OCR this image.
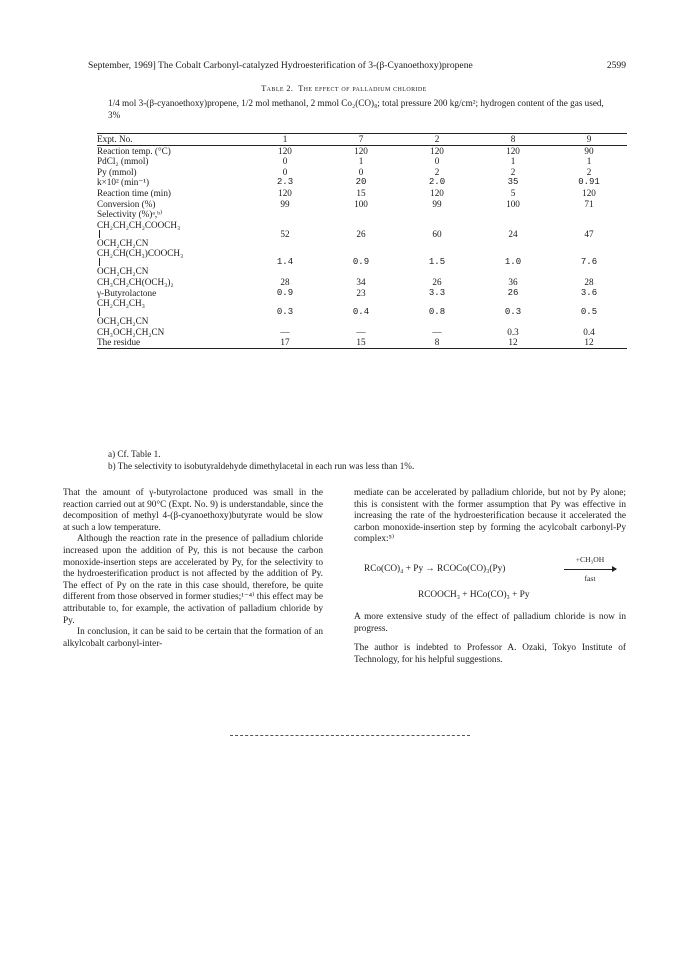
September, 1969] The Cobalt Carbonyl-catalyzed Hydroesterification of 3-(β-Cyanoethoxy)propene	2599
Table 2. The effect of palladium chloride
1/4 mol 3-(β-cyanoethoxy)propene, 1/2 mol methanol, 2 mmol Co₂(CO)₈; total pressure 200 kg/cm²; hydrogen content of the gas used, 3%
Expt. No.	1	7	2	8	9
Reaction temp. (°C)	120	120	120	120	90
PdCl₂ (mmol)	0	1	0	1	1
Py (mmol)	0	0	2	2	2
k×10² (min⁻¹)	2.3	20	2.0	35	0.91
Reaction time (min)	120	15	120	5	120
Conversion (%)	99	100	99	100	71
Selectivity (%)ᵃ,ᵇ⁾					

CH₂CH₂CH₂COOCH₃
OCH₂CH₂CN	52	26	60	24	47

CH₂CH(CH₃)COOCH₃
OCH₂CH₂CN	1.4	0.9	1.5	1.0	7.6
CH₃CH₂CH(OCH₃)₂	28	34	26	36	28
γ-Butyrolactone	0.9	23	3.3	26	3.6

CH₂CH₂CH₃
OCH₂CH₂CN	0.3	0.4	0.8	0.3	0.5
CH₃OCH₂CH₂CN	—	—	—	0.3	0.4
The residue	17	15	8	12	12
a) Cf. Table 1.
b) The selectivity to isobutyraldehyde dimethylacetal in each run was less than 1%.

That the amount of γ-butyrolactone produced was small in the reaction carried out at 90°C (Expt. No. 9) is understandable, since the decomposition of methyl 4-(β-cyanoethoxy)butyrate would be slow at such a low temperature.

Although the reaction rate in the presence of palladium chloride increased upon the addition of Py, this is not because the carbon monoxide-insertion steps are accelerated by Py, for the selectivity to the hydroesterification product is not affected by the addition of Py. The effect of Py on the rate in this case should, therefore, be quite different from those observed in former studies;¹⁻⁴⁾ this effect may be attributable to, for example, the activation of palladium chloride by Py.

In conclusion, it can be said to be certain that the formation of an alkylcobalt carbonyl-inter-

mediate can be accelerated by palladium chloride, but not by Py alone; this is consistent with the former assumption that Py was effective in increasing the rate of the hydroesterification because it accelerated the carbon monoxide-insertion step by forming the acylcobalt carbonyl-Py complex:⁵⁾

RCo(CO)₄ + Py → RCOCo(CO)₃(Py)
+CH₃OH
fast
RCOOCH₃ + HCo(CO)₃ + Py

A more extensive study of the effect of palladium chloride is now in progress.

The author is indebted to Professor A. Ozaki, Tokyo Institute of Technology, for his helpful suggestions.
